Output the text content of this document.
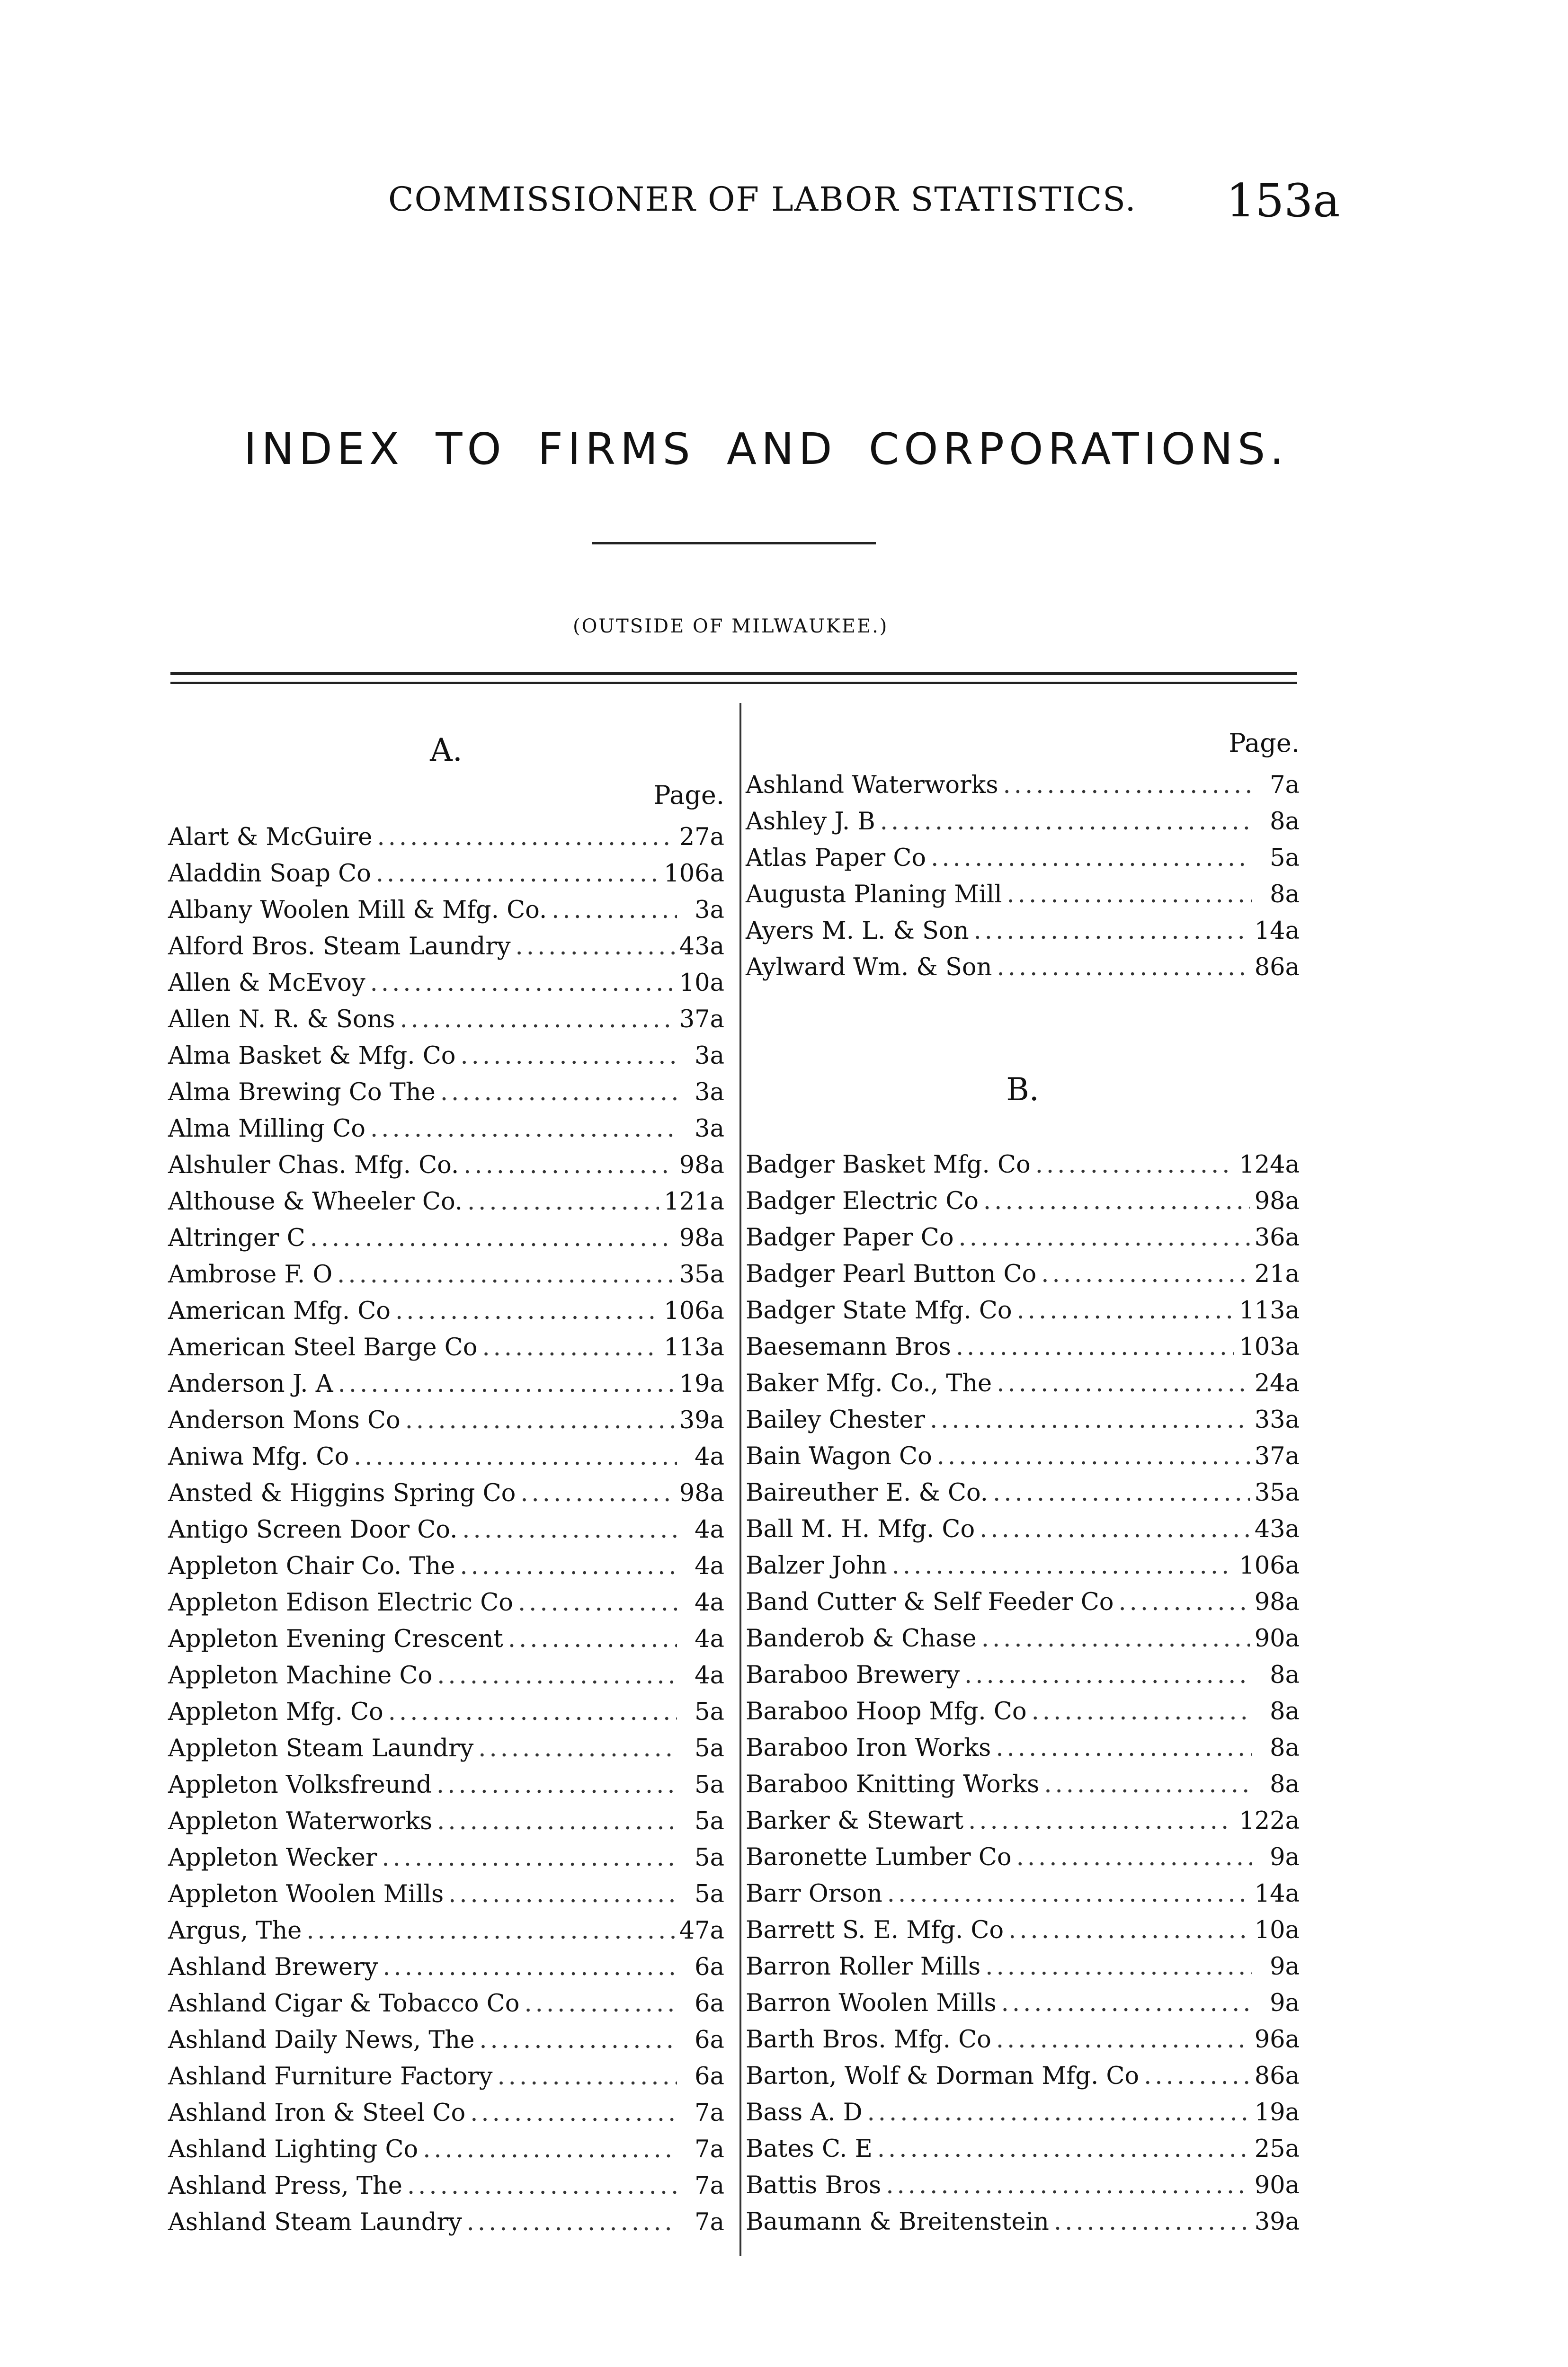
COMMISSIONER OF LABOR STATISTICS. 153a
INDEX TO FIRMS AND CORPORATIONS.
(OUTSIDE OF MILWAUKEE.)
A.
Page.
Alart & McGuire .....	27a
Aladdin Soap Co .....	106a
Albany Woolen Mill & Mfg. Co. .....	3a
Alford Bros. Steam Laundry .....	43a
Allen & McEvoy .....	10a
Allen N. R. & Sons .....	37a
Alma Basket & Mfg. Co .....	3a
Alma Brewing Co The .....	3a
Alma Milling Co .....	3a
Alshuler Chas. Mfg. Co. .....	98a
Althouse & Wheeler Co. .....	121a
Altringer C .....	98a
Ambrose F. O .....	35a
American Mfg. Co .....	106a
American Steel Barge Co .....	113a
Anderson J. A .....	19a
Anderson Mons Co .....	39a
Aniwa Mfg. Co .....	4a
Ansted & Higgins Spring Co .....	98a
Antigo Screen Door Co. .....	4a
Appleton Chair Co. The .....	4a
Appleton Edison Electric Co .....	4a
Appleton Evening Crescent .....	4a
Appleton Machine Co .....	4a
Appleton Mfg. Co .....	5a
Appleton Steam Laundry .....	5a
Appleton Volksfreund .....	5a
Appleton Waterworks .....	5a
Appleton Wecker .....	5a
Appleton Woolen Mills .....	5a
Argus, The .....	47a
Ashland Brewery .....	6a
Ashland Cigar & Tobacco Co .....	6a
Ashland Daily News, The .....	6a
Ashland Furniture Factory .....	6a
Ashland Iron & Steel Co .....	7a
Ashland Lighting Co .....	7a
Ashland Press, The .....	7a
Ashland Steam Laundry .....	7a
Page.
Ashland Waterworks .....	7a
Ashley J. B .....	8a
Atlas Paper Co .....	5a
Augusta Planing Mill .....	8a
Ayers M. L. & Son .....	14a
Aylward Wm. & Son .....	86a
B.
Badger Basket Mfg. Co .....	124a
Badger Electric Co .....	98a
Badger Paper Co .....	36a
Badger Pearl Button Co .....	21a
Badger State Mfg. Co .....	113a
Baesemann Bros .....	103a
Baker Mfg. Co., The .....	24a
Bailey Chester .....	33a
Bain Wagon Co .....	37a
Baireuther E. & Co. .....	35a
Ball M. H. Mfg. Co .....	43a
Balzer John .....	106a
Band Cutter & Self Feeder Co .....	98a
Banderob & Chase .....	90a
Baraboo Brewery .....	8a
Baraboo Hoop Mfg. Co .....	8a
Baraboo Iron Works .....	8a
Baraboo Knitting Works .....	8a
Barker & Stewart .....	122a
Baronette Lumber Co .....	9a
Barr Orson .....	14a
Barrett S. E. Mfg. Co .....	10a
Barron Roller Mills .....	9a
Barron Woolen Mills .....	9a
Barth Bros. Mfg. Co .....	96a
Barton, Wolf & Dorman Mfg. Co .....	86a
Bass A. D .....	19a
Bates C. E .....	25a
Battis Bros .....	90a
Baumann & Breitenstein .....	39a
